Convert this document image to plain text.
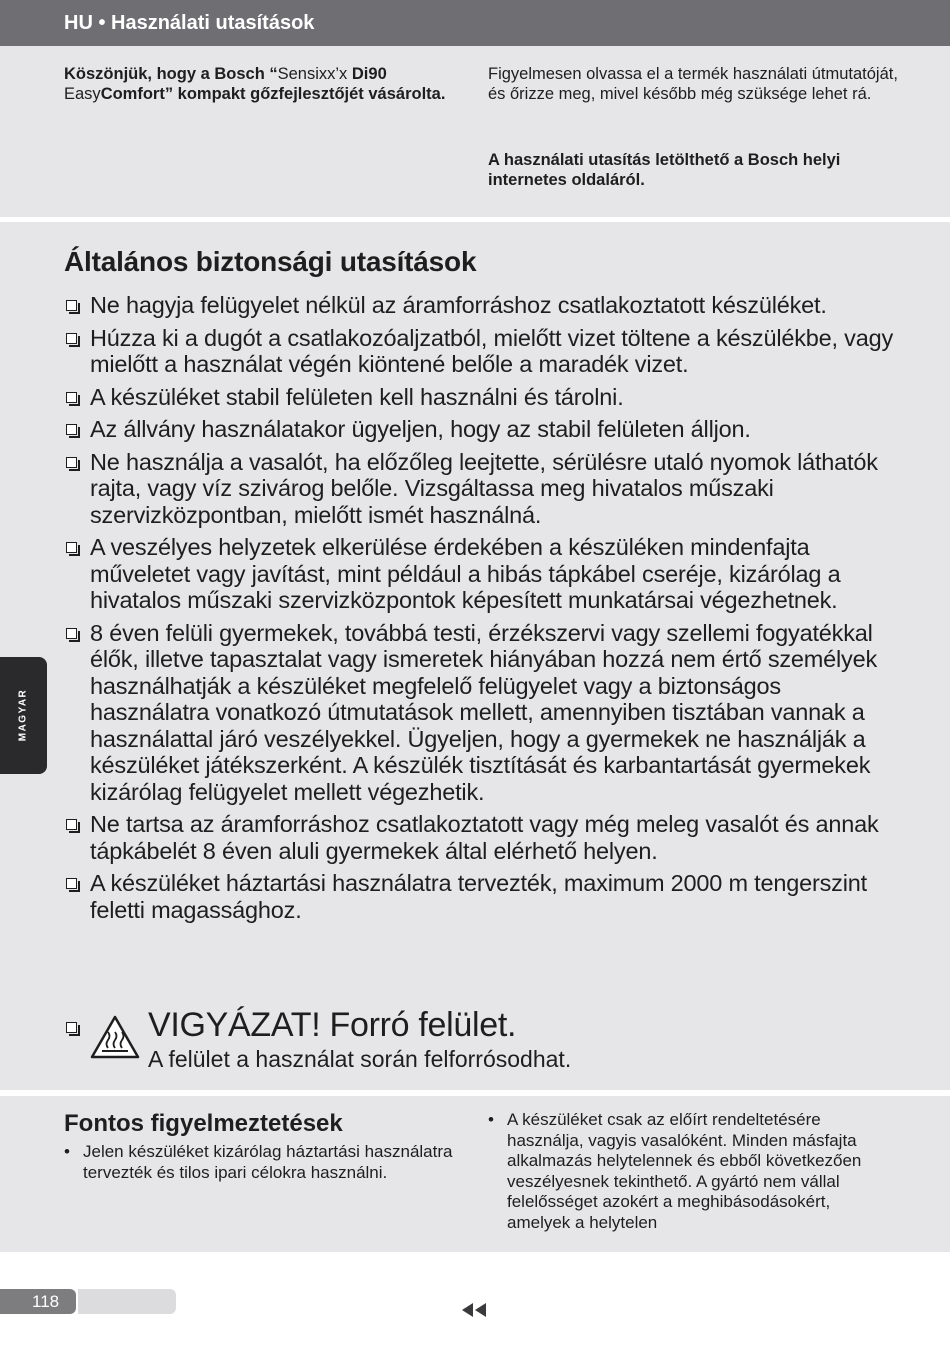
HU • Használati utasítások
Köszönjük, hogy a Bosch “Sensixx’x Di90
EasyComfort” kompakt gőzfejlesztőjét vásárolta.
Figyelmesen olvassa el a termék használati útmutatóját, és őrizze meg, mivel később még szüksége lehet rá.
A használati utasítás letölthető a Bosch helyi internetes oldaláról.
Általános biztonsági utasítások
Ne hagyja felügyelet nélkül az áramforráshoz csatlakoztatott készüléket.
Húzza ki a dugót a csatlakozóaljzatból, mielőtt vizet töltene a készülékbe, vagy mielőtt a használat végén kiöntené belőle a maradék vizet.
A készüléket stabil felületen kell használni és tárolni.
Az állvány használatakor ügyeljen, hogy az stabil felületen álljon.
Ne használja a vasalót, ha előzőleg leejtette, sérülésre utaló nyomok láthatók rajta, vagy víz szivárog belőle. Vizsgáltassa meg hivatalos műszaki szervizközpontban, mielőtt ismét használná.
A veszélyes helyzetek elkerülése érdekében a készüléken mindenfajta műveletet vagy javítást, mint például a hibás tápkábel cseréje, kizárólag a hivatalos műszaki szervizközpontok képesített munkatársai végezhetnek.
8 éven felüli gyermekek, továbbá testi, érzékszervi vagy szellemi fogyatékkal élők, illetve tapasztalat vagy ismeretek hiányában hozzá nem értő személyek használhatják a készüléket megfelelő felügyelet vagy a biztonságos használatra vonatkozó útmutatások mellett, amennyiben tisztában vannak a használattal járó veszélyekkel. Ügyeljen, hogy a gyermekek ne használják a készüléket játékszerként. A készülék tisztítását és karbantartását gyermekek kizárólag felügyelet mellett végezhetik.
Ne tartsa az áramforráshoz csatlakoztatott vagy még meleg vasalót és annak tápkábelét 8 éven aluli gyermekek által elérhető helyen.
A készüléket háztartási használatra tervezték, maximum 2000 m tengerszint feletti magassághoz.
VIGYÁZAT! Forró felület.
A felület a használat során felforrósodhat.
Fontos figyelmeztetések
• Jelen készüléket kizárólag háztartási használatra tervezték és tilos ipari célokra használni.
• A készüléket csak az előírt rendeltetésére használja, vagyis vasalóként. Minden másfajta alkalmazás helytelennek és ebből következően veszélyesnek tekinthető. A gyártó nem vállal felelősséget azokért a meghibásodásokért, amelyek a helytelen
MAGYAR
118
